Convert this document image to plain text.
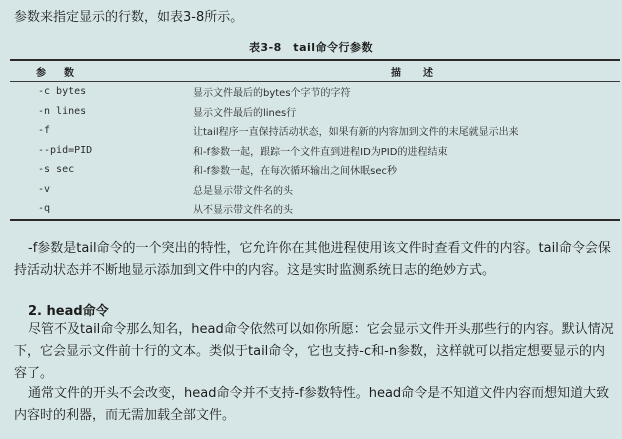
参数来指定显示的行数，如表3-8所示。
表3-8　tail命令行参数
参　数	描　述
-c bytes	显示文件最后的bytes个字节的字符
-n lines	显示文件最后的lines行
-f	让tail程序一直保持活动状态，如果有新的内容加到文件的末尾就显示出来
--pid=PID	和-f参数一起，跟踪一个文件直到进程ID为PID的进程结束
-s sec	和-f参数一起，在每次循环输出之间休眠sec秒
-v	总是显示带文件名的头
-q	从不显示带文件名的头
-f参数是tail命令的一个突出的特性，它允许你在其他进程使用该文件时查看文件的内容。tail命令会保持活动状态并不断地显示添加到文件中的内容。这是实时监测系统日志的绝妙方式。
2. head命令
尽管不及tail命令那么知名，head命令依然可以如你所愿：它会显示文件开头那些行的内容。默认情况下，它会显示文件前十行的文本。类似于tail命令，它也支持-c和-n参数，这样就可以指定想要显示的内容了。
通常文件的开头不会改变，head命令并不支持-f参数特性。head命令是不知道文件内容而想知道大致内容时的利器，而无需加载全部文件。
